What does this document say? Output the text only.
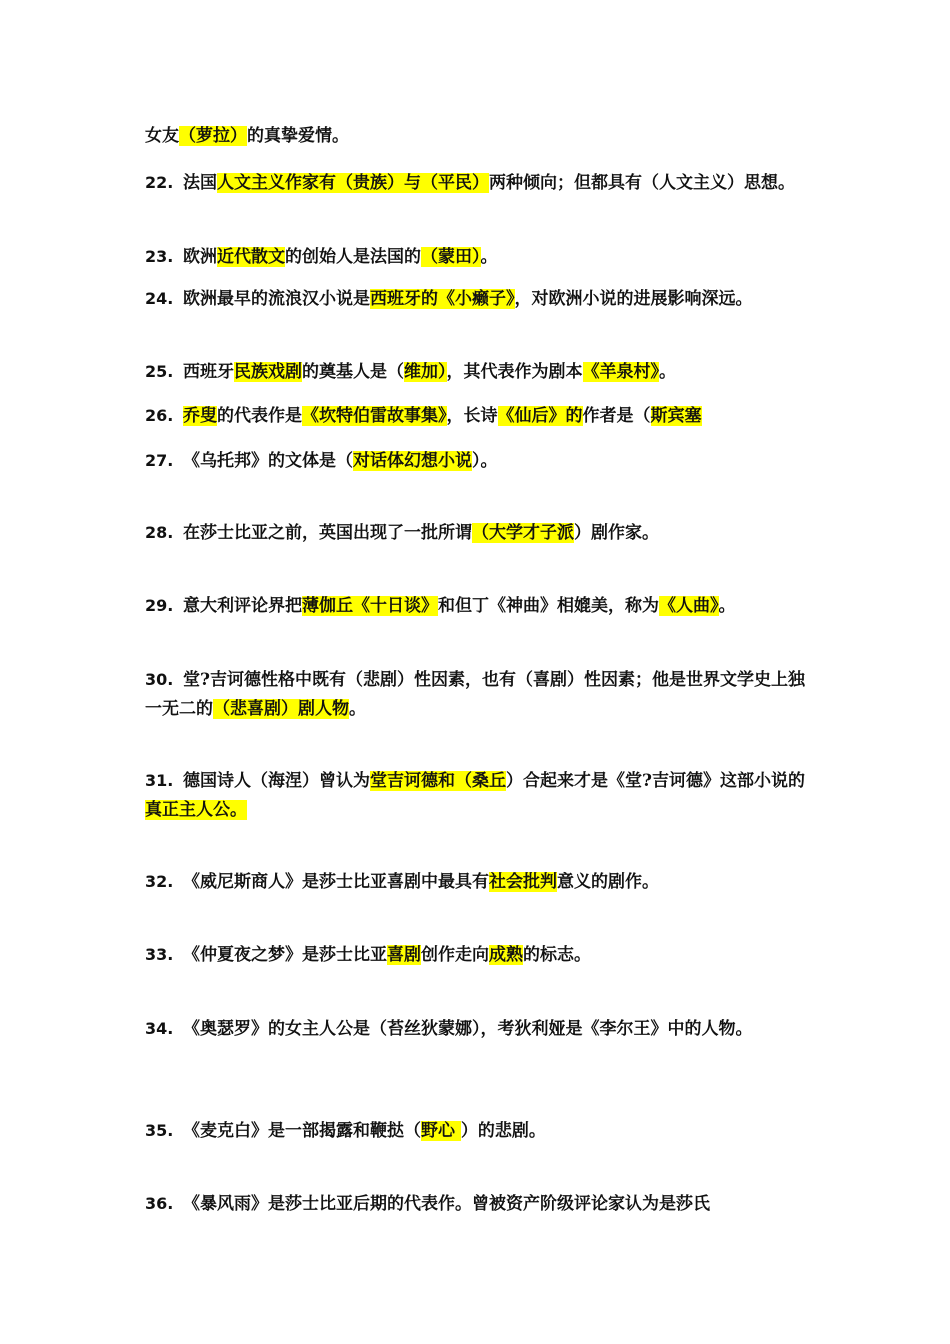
女友（萝拉）的真挚爱情。
22. 法国人文主义作家有（贵族）与（平民）两种倾向；但都具有（人文主义）思想。
23. 欧洲近代散文的创始人是法国的（蒙田）。
24. 欧洲最早的流浪汉小说是西班牙的《小癞子》，对欧洲小说的进展影响深远。
25. 西班牙民族戏剧的奠基人是（维加），其代表作为剧本《羊泉村》。
26. 乔叟的代表作是《坎特伯雷故事集》，长诗《仙后》的作者是（斯宾塞
27. 《乌托邦》的文体是（对话体幻想小说）。
28. 在莎士比亚之前，英国出现了一批所谓（大学才子派）剧作家。
29. 意大利评论界把薄伽丘《十日谈》和但丁《神曲》相媲美，称为《人曲》。
30. 堂?吉诃德性格中既有（悲剧）性因素，也有（喜剧）性因素；他是世界文学史上独一无二的（悲喜剧）剧人物。
31. 德国诗人（海涅）曾认为堂吉诃德和（桑丘）合起来才是《堂?吉诃德》这部小说的真正主人公。
32. 《威尼斯商人》是莎士比亚喜剧中最具有社会批判意义的剧作。
33. 《仲夏夜之梦》是莎士比亚喜剧创作走向成熟的标志。
34. 《奥瑟罗》的女主人公是（苔丝狄蒙娜），考狄利娅是《李尔王》中的人物。
35. 《麦克白》是一部揭露和鞭挞（野心 ）的悲剧。
36. 《暴风雨》是莎士比亚后期的代表作。曾被资产阶级评论家认为是莎氏
